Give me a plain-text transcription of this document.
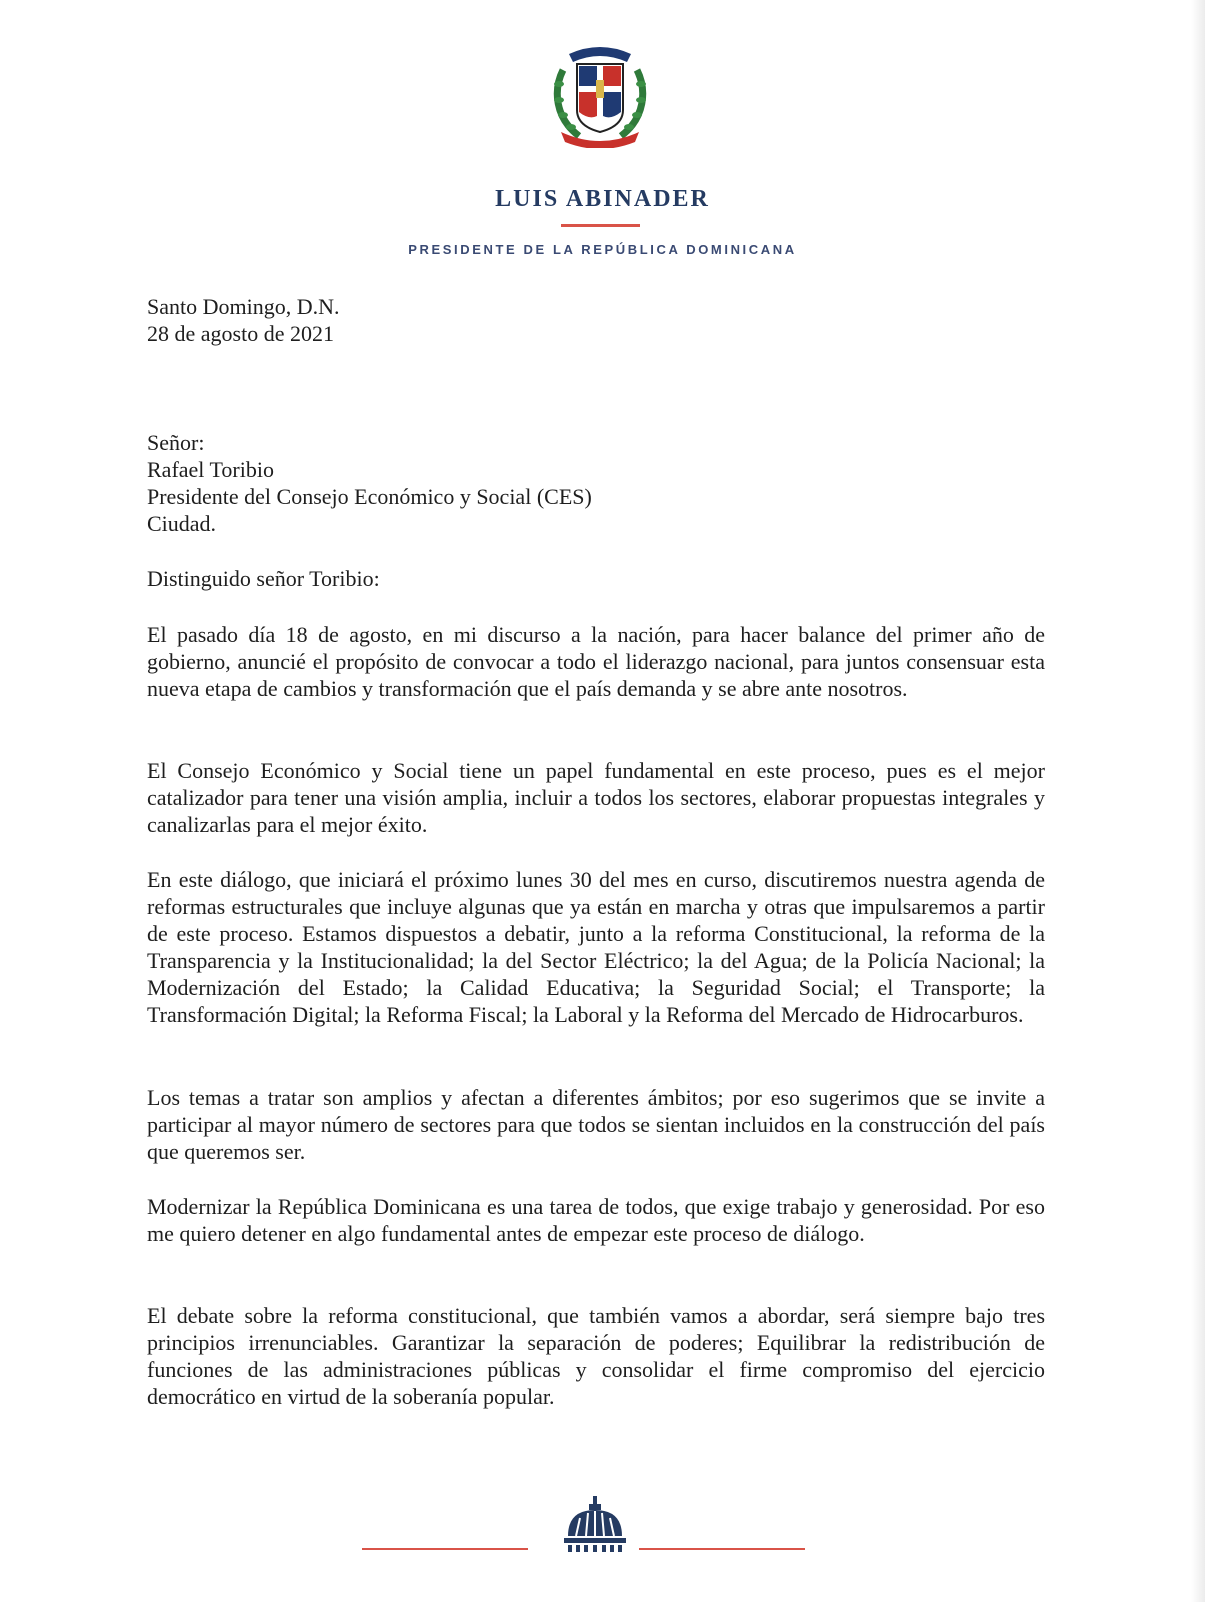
LUIS ABINADER
PRESIDENTE DE LA REPÚBLICA DOMINICANA

Santo Domingo, D.N.

28 de agosto de 2021

Señor:

Rafael Toribio

Presidente del Consejo Económico y Social (CES)

Ciudad.

Distinguido señor Toribio:
El pasado día 18 de agosto, en mi discurso a la nación, para hacer balance del primer año de gobierno, anuncié el propósito de convocar a todo el liderazgo nacional, para juntos consensuar esta nueva etapa de cambios y transformación que el país demanda y se abre ante nosotros.
El Consejo Económico y Social tiene un papel fundamental en este proceso, pues es el mejor catalizador para tener una visión amplia, incluir a todos los sectores, elaborar propuestas integrales y canalizarlas para el mejor éxito.
En este diálogo, que iniciará el próximo lunes 30 del mes en curso, discutiremos nuestra agenda de reformas estructurales que incluye algunas que ya están en marcha y otras que impulsaremos a partir de este proceso. Estamos dispuestos a debatir, junto a la reforma Constitucional, la reforma de la Transparencia y la Institucionalidad; la del Sector Eléctrico; la del Agua; de la Policía Nacional; la Modernización del Estado; la Calidad Educativa; la Seguridad Social; el Transporte; la Transformación Digital; la Reforma Fiscal; la Laboral y la Reforma del Mercado de Hidrocarburos.
Los temas a tratar son amplios y afectan a diferentes ámbitos; por eso sugerimos que se invite a participar al mayor número de sectores para que todos se sientan incluidos en la construcción del país que queremos ser.
Modernizar la República Dominicana es una tarea de todos, que exige trabajo y generosidad. Por eso me quiero detener en algo fundamental antes de empezar este proceso de diálogo.
El debate sobre la reforma constitucional, que también vamos a abordar, será siempre bajo tres principios irrenunciables. Garantizar la separación de poderes; Equilibrar la redistribución de funciones de las administraciones públicas y consolidar el firme compromiso del ejercicio democrático en virtud de la soberanía popular.
